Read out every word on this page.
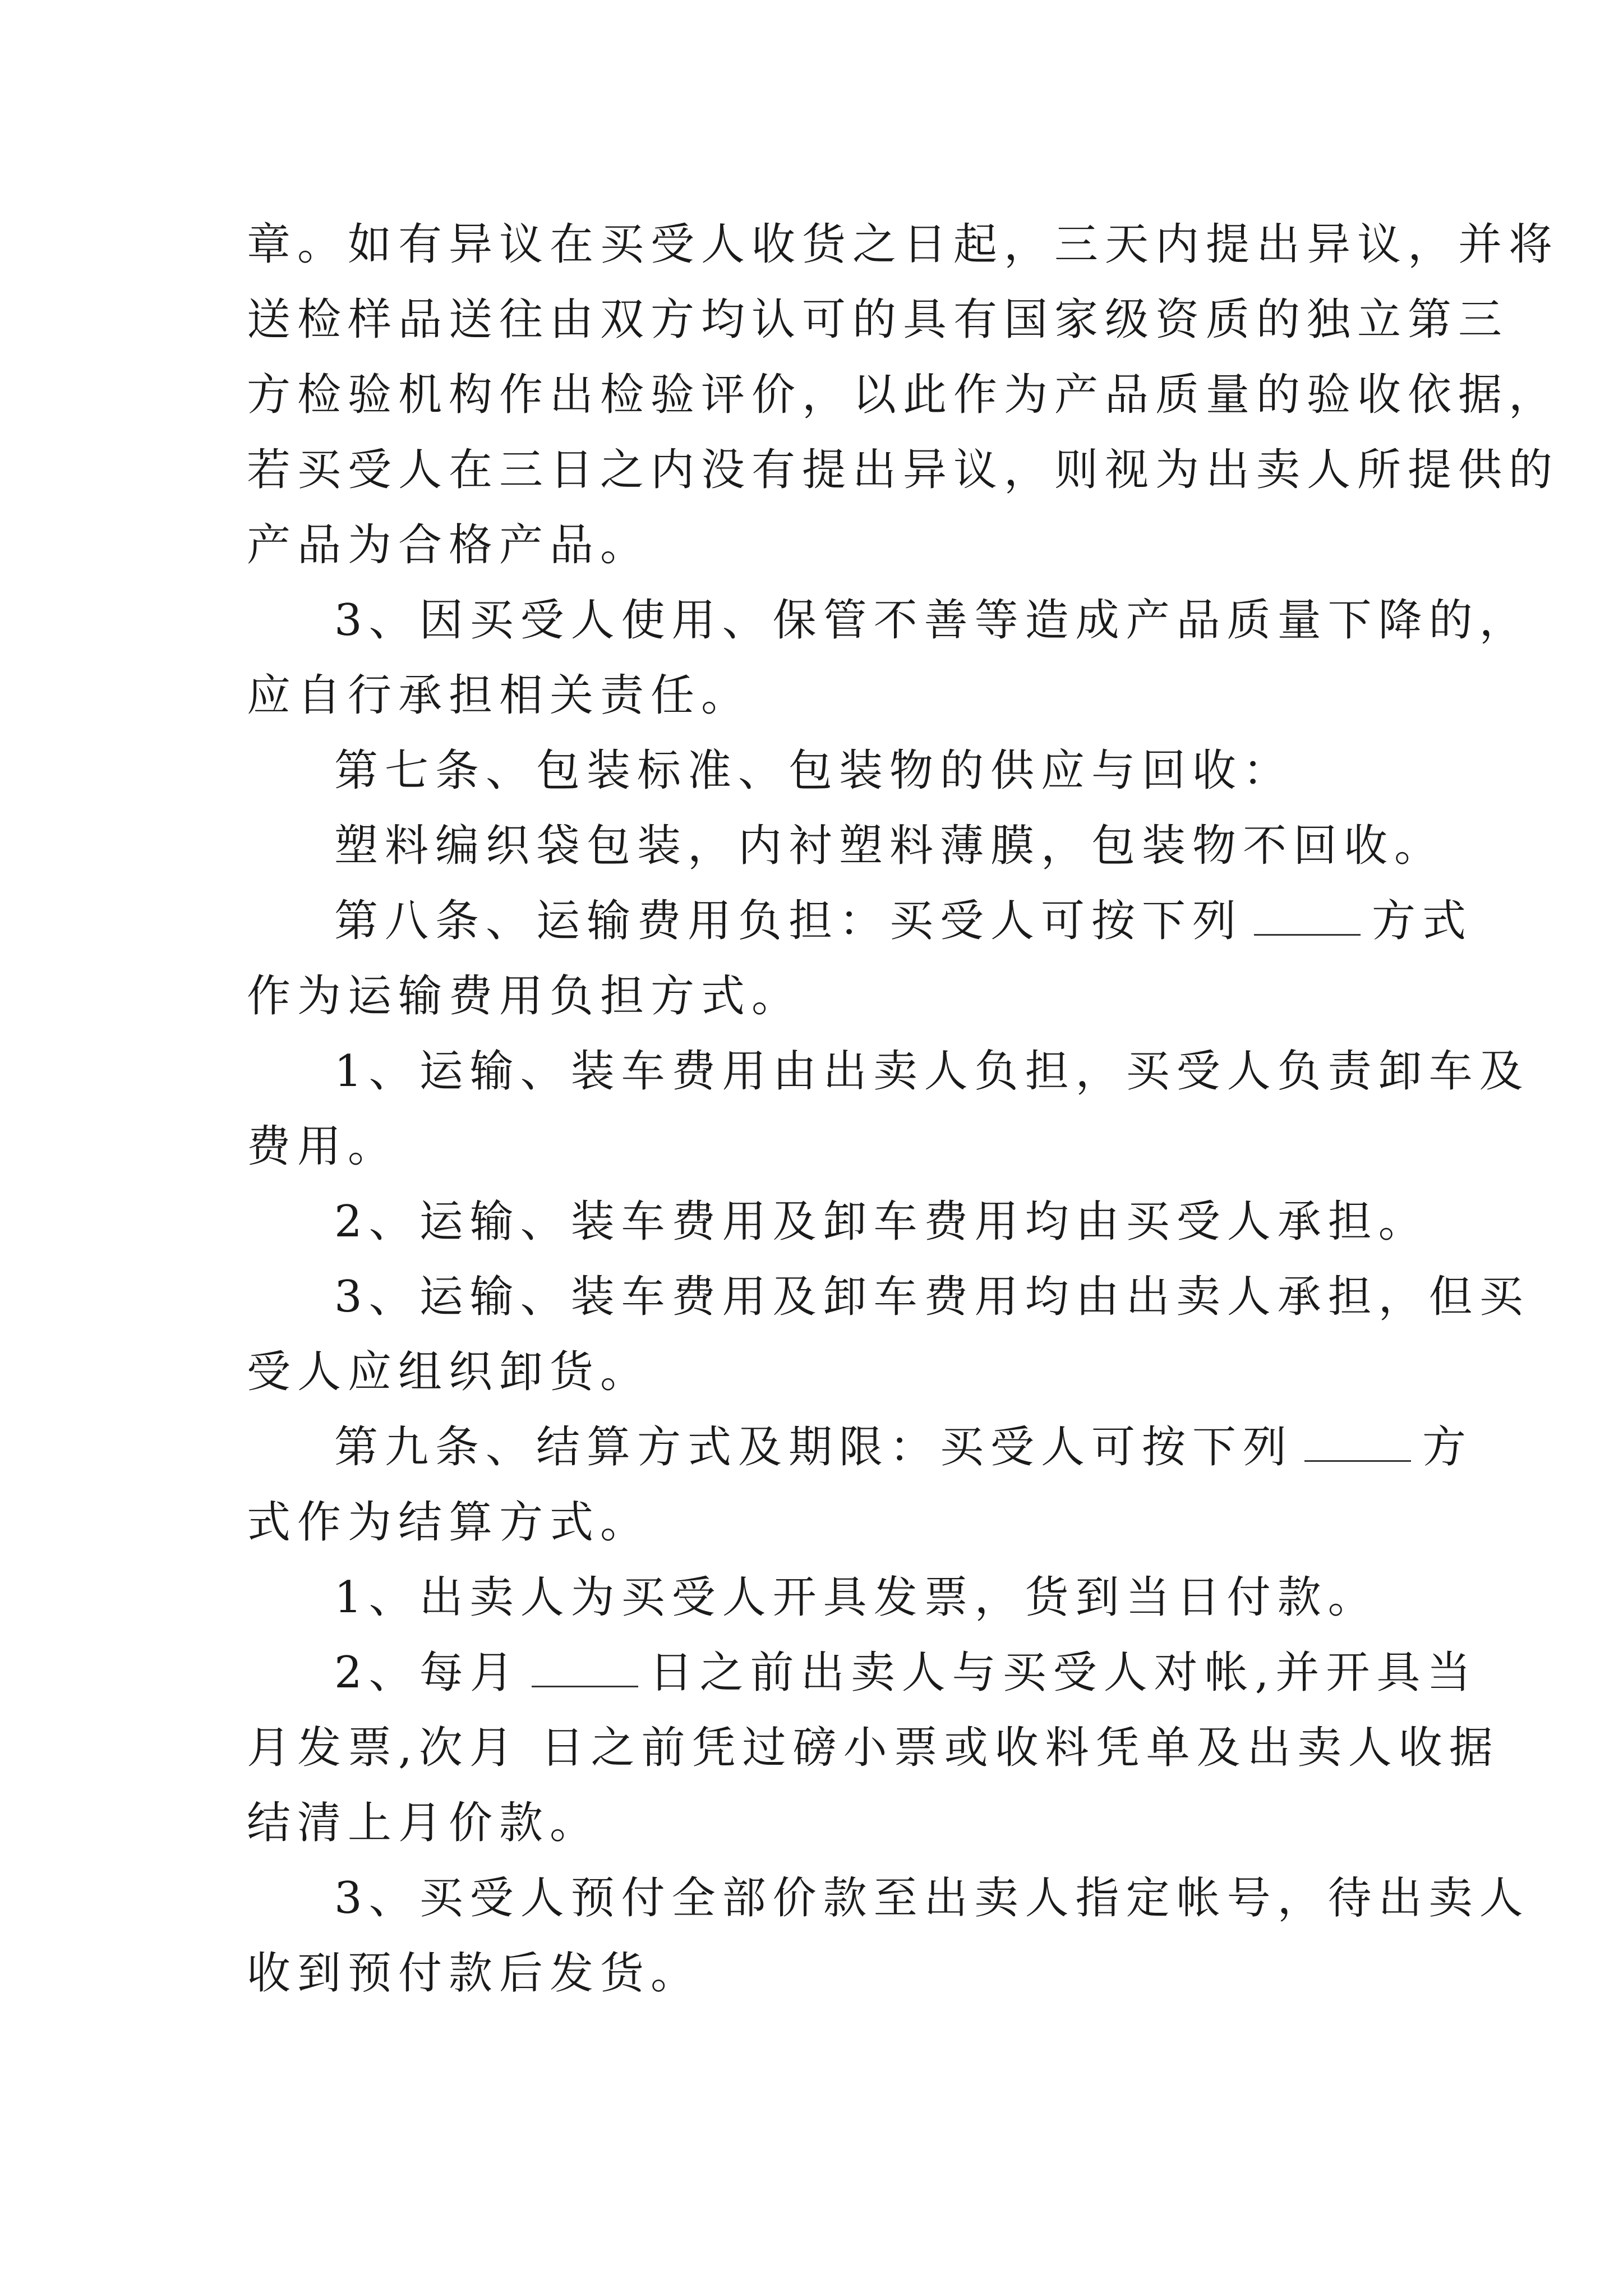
章。如有异议在买受人收货之日起，三天内提出异议，并将
送检样品送往由双方均认可的具有国家级资质的独立第三
方检验机构作出检验评价，以此作为产品质量的验收依据，
若买受人在三日之内没有提出异议，则视为出卖人所提供的
产品为合格产品。
3、因买受人使用、保管不善等造成产品质量下降的，
应自行承担相关责任。
第七条、包装标准、包装物的供应与回收：
塑料编织袋包装，内衬塑料薄膜，包装物不回收。
第八条、运输费用负担：买受人可按下列	方式
作为运输费用负担方式。
1、运输、装车费用由出卖人负担，买受人负责卸车及
费用。
2、运输、装车费用及卸车费用均由买受人承担。
3、运输、装车费用及卸车费用均由出卖人承担，但买
受人应组织卸货。
第九条、结算方式及期限：买受人可按下列	方
式作为结算方式。
1、出卖人为买受人开具发票，货到当日付款。
2、每月	日之前出卖人与买受人对帐,并开具当
月发票,次月 日之前凭过磅小票或收料凭单及出卖人收据
结清上月价款。
3、买受人预付全部价款至出卖人指定帐号，待出卖人
收到预付款后发货。
